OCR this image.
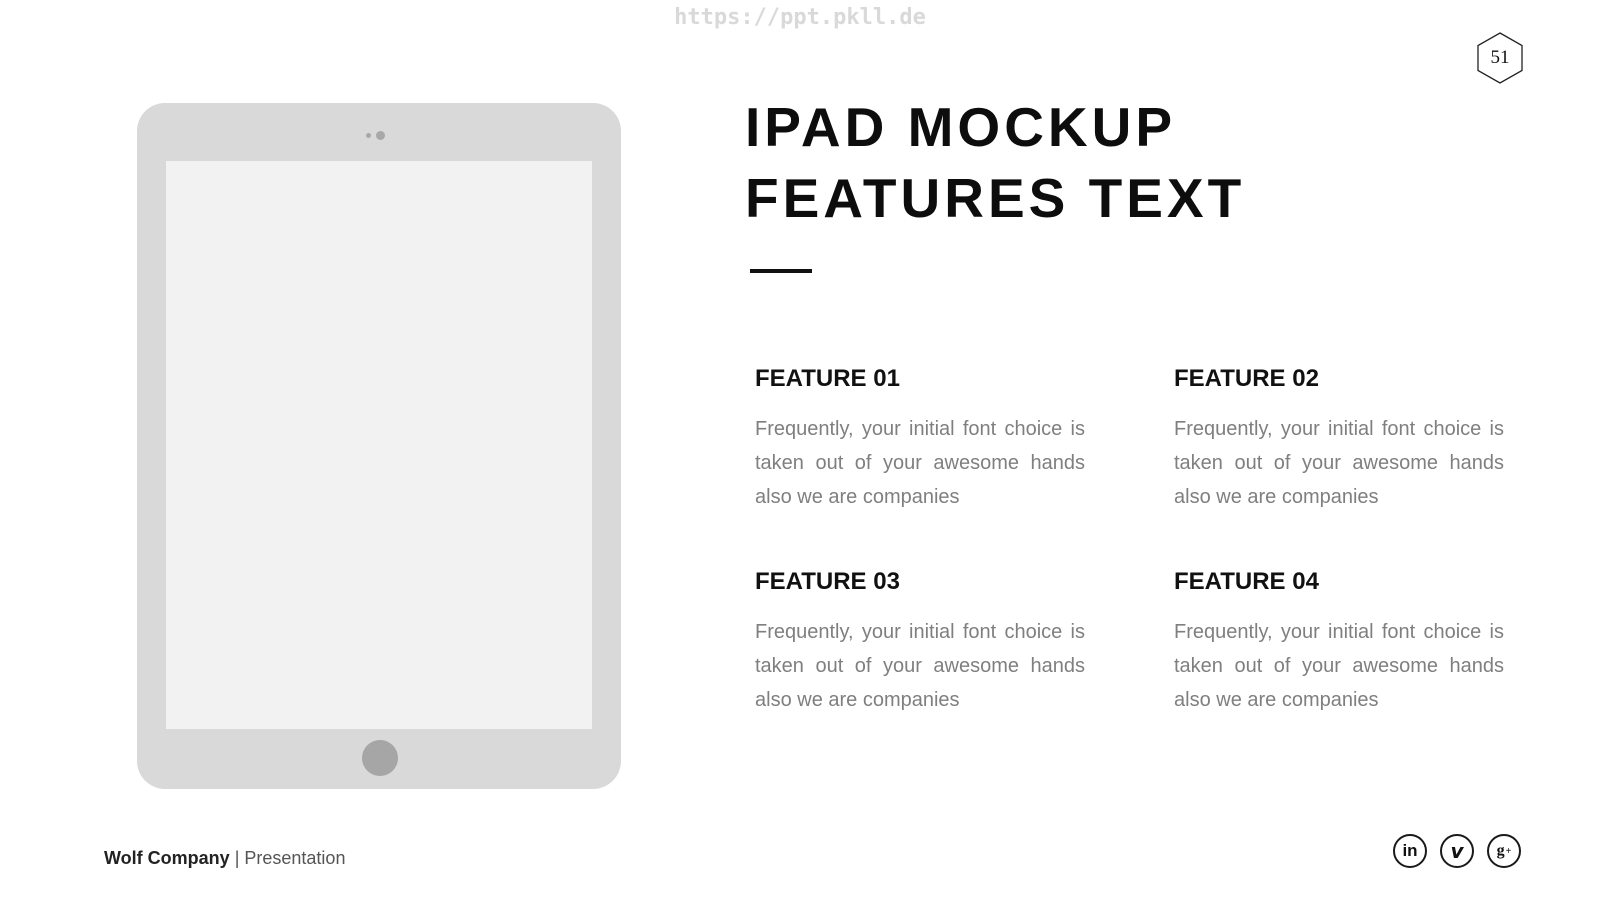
https://ppt.pkll.de
51
IPAD MOCKUP
FEATURES TEXT
FEATURE 01

Frequently, your initial font choice is taken out of your awesome hands also we are companies

FEATURE 02

Frequently, your initial font choice is taken out of your awesome hands also we are companies

FEATURE 03

Frequently, your initial font choice is taken out of your awesome hands also we are companies

FEATURE 04

Frequently, your initial font choice is taken out of your awesome hands also we are companies

Wolf Company | Presentation	in v g +
